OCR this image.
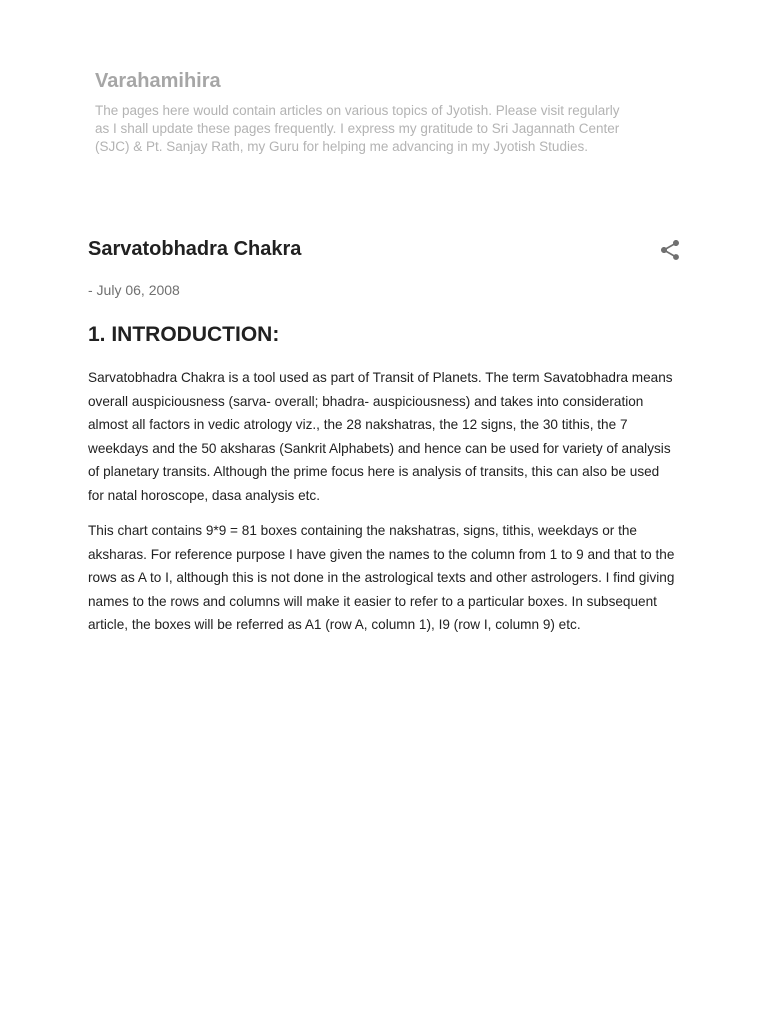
Varahamihira

The pages here would contain articles on various topics of Jyotish. Please visit regularly as I shall update these pages frequently. I express my gratitude to Sri Jagannath Center (SJC) & Pt. Sanjay Rath, my Guru for helping me advancing in my Jyotish Studies.

Sarvatobhadra Chakra
- July 06, 2008
1. INTRODUCTION:

Sarvatobhadra Chakra is a tool used as part of Transit of Planets. The term Savatobhadra means overall auspiciousness (sarva- overall; bhadra- auspiciousness) and takes into consideration almost all factors in vedic atrology viz., the 28 nakshatras, the 12 signs, the 30 tithis, the 7 weekdays and the 50 aksharas (Sankrit Alphabets) and hence can be used for variety of analysis of planetary transits. Although the prime focus here is analysis of transits, this can also be used for natal horoscope, dasa analysis etc.

This chart contains 9*9 = 81 boxes containing the nakshatras, signs, tithis, weekdays or the aksharas. For reference purpose I have given the names to the column from 1 to 9 and that to the rows as A to I, although this is not done in the astrological texts and other astrologers. I find giving names to the rows and columns will make it easier to refer to a particular boxes. In subsequent article, the boxes will be referred as A1 (row A, column 1), I9 (row I, column 9) etc.
